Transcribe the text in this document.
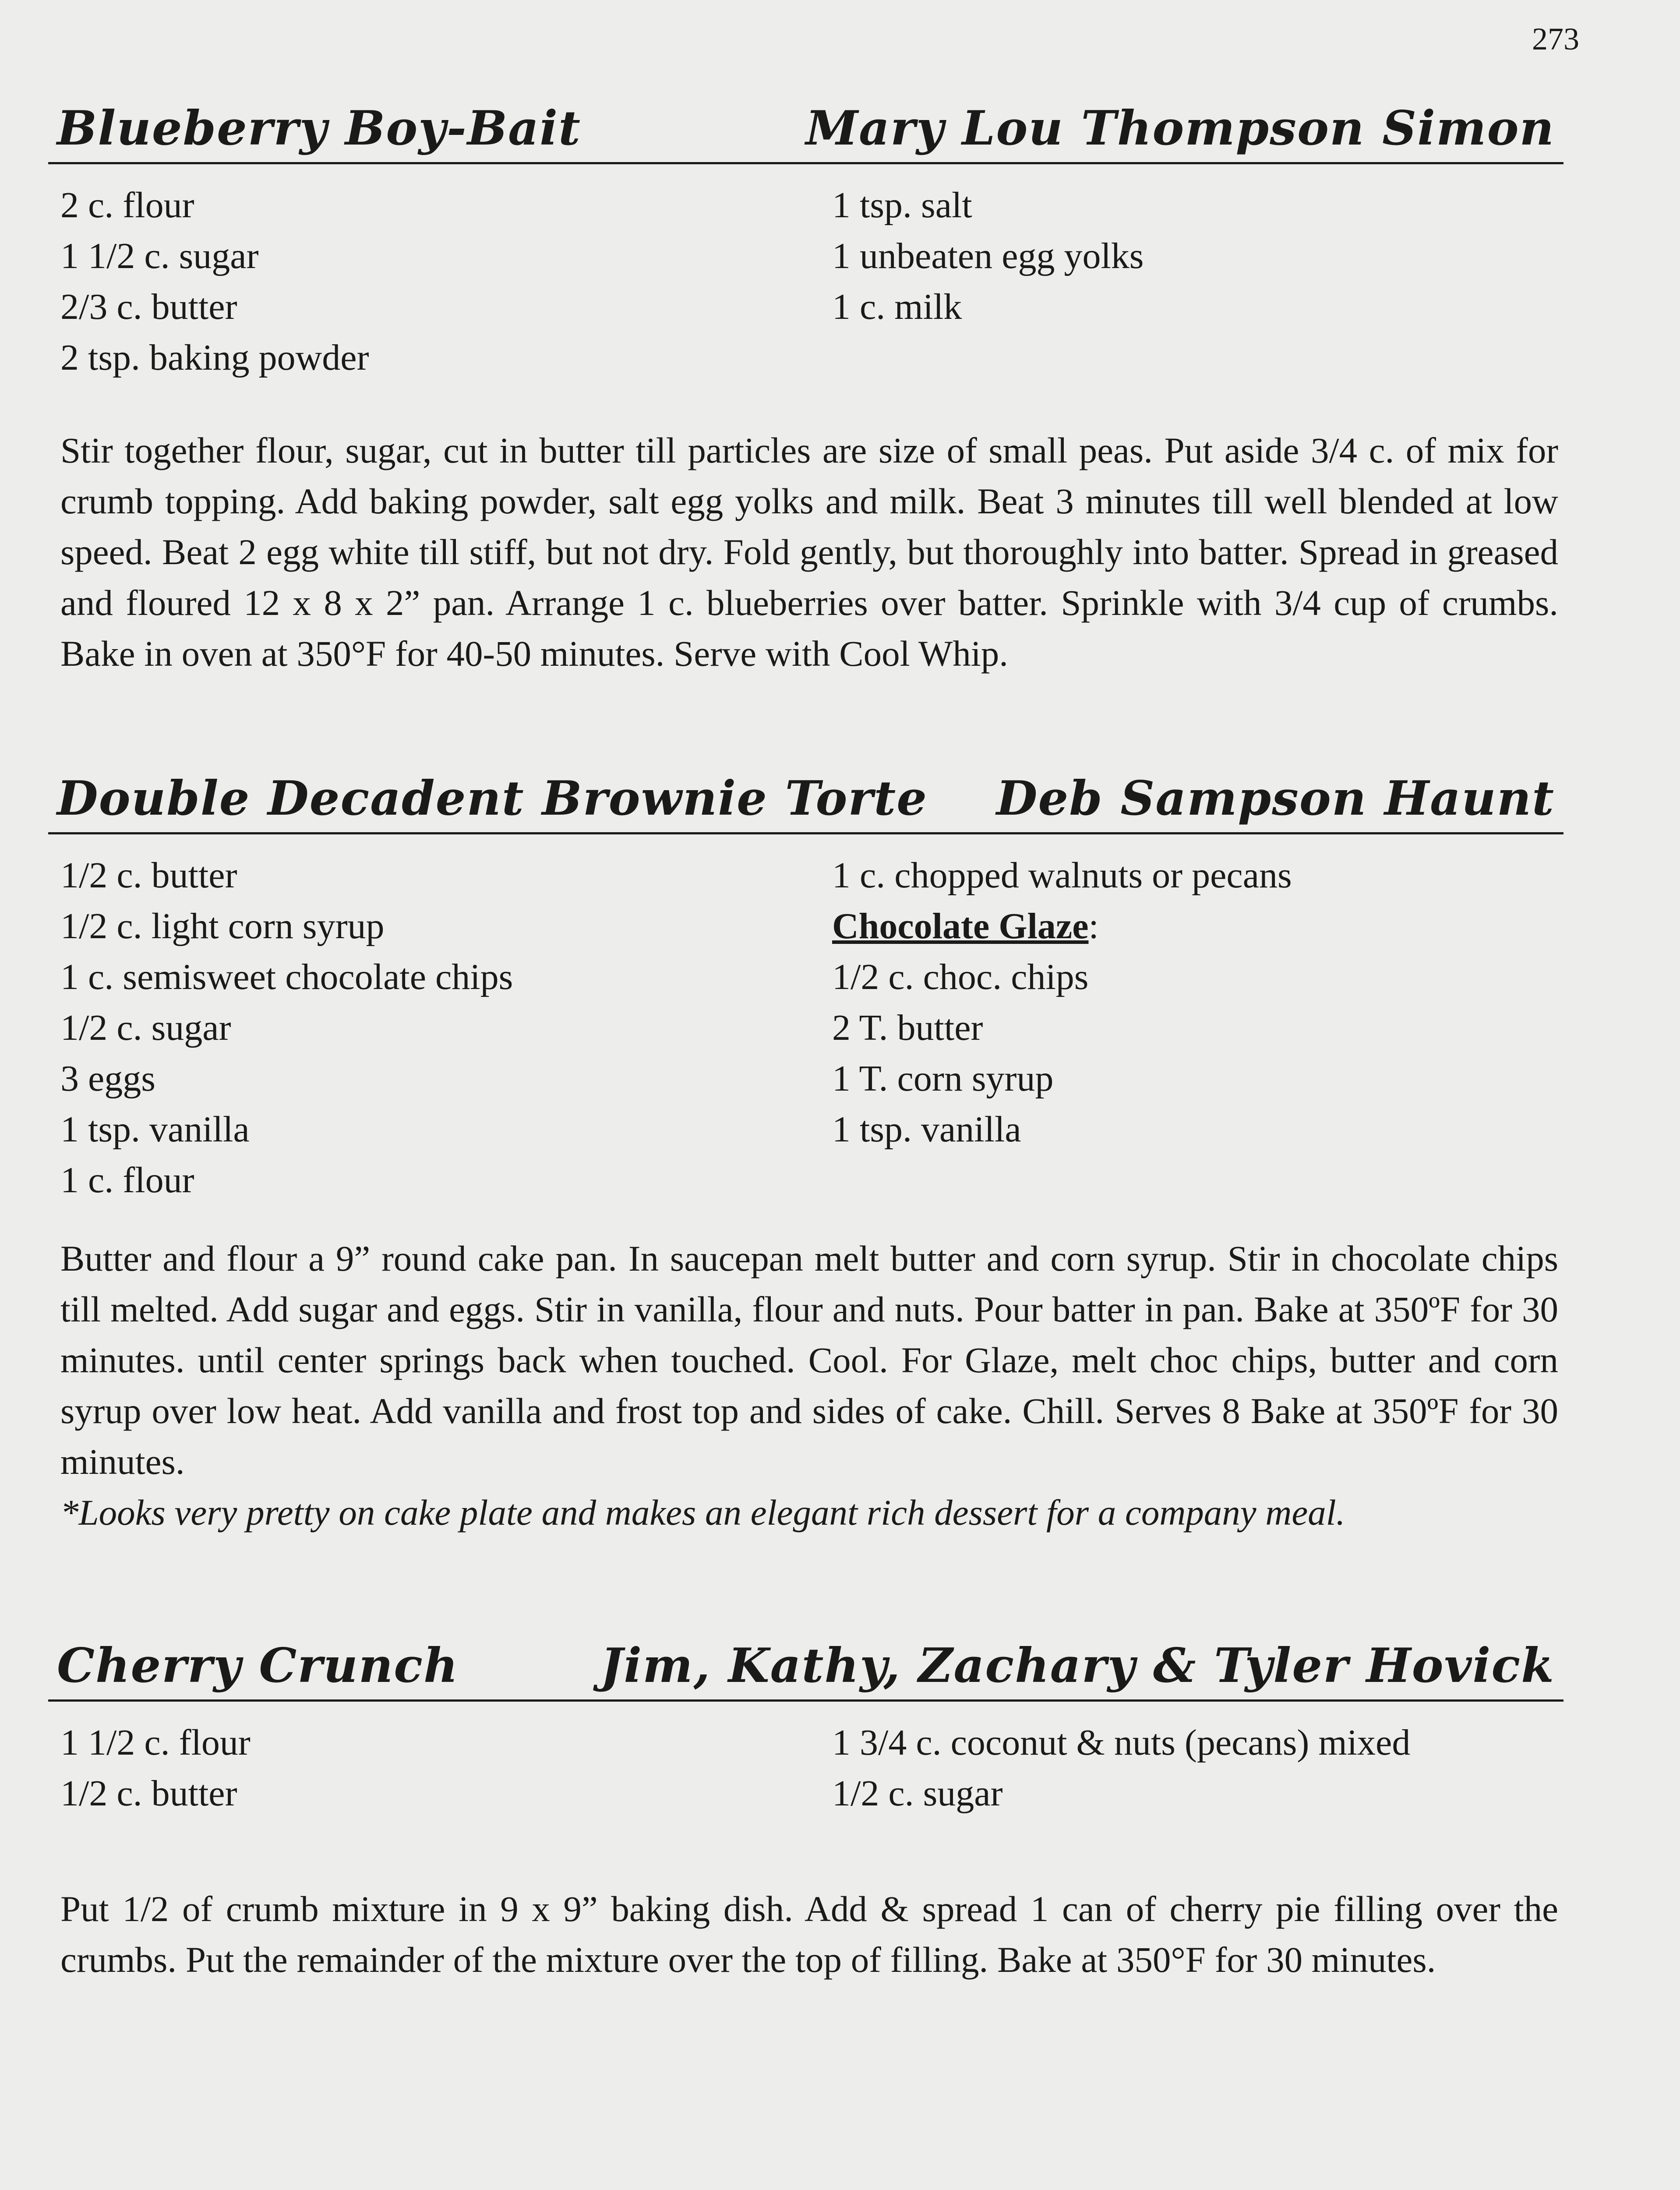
273
Blueberry Boy-Bait	Mary Lou Thompson Simon
2 c. flour
1 1/2 c. sugar
2/3 c. butter
2 tsp. baking powder
1 tsp. salt
1 unbeaten egg yolks
1 c. milk
Stir together flour, sugar, cut in butter till particles are size of small peas. Put aside 3/4 c. of mix for crumb topping. Add baking powder, salt egg yolks and milk. Beat 3 minutes till well blended at low speed. Beat 2 egg white till stiff, but not dry. Fold gently, but thoroughly into batter. Spread in greased and floured 12 x 8 x 2” pan. Arrange 1 c. blueberries over batter. Sprinkle with 3/4 cup of crumbs. Bake in oven at 350°F for 40-50 minutes. Serve with Cool Whip.
Double Decadent Brownie Torte Deb Sampson Haunt
1/2 c. butter
1/2 c. light corn syrup
1 c. semisweet chocolate chips
1/2 c. sugar
3 eggs
1 tsp. vanilla
1 c. flour
1 c. chopped walnuts or pecans
Chocolate Glaze:
1/2 c. choc. chips
2 T. butter
1 T. corn syrup
1 tsp. vanilla
Butter and flour a 9” round cake pan. In saucepan melt butter and corn syrup. Stir in chocolate chips till melted. Add sugar and eggs. Stir in vanilla, flour and nuts. Pour batter in pan. Bake at 350ºF for 30 minutes. until center springs back when touched. Cool. For Glaze, melt choc chips, butter and corn syrup over low heat. Add vanilla and frost top and sides of cake. Chill. Serves 8 Bake at 350ºF for 30 minutes.
*Looks very pretty on cake plate and makes an elegant rich dessert for a company meal.
Cherry Crunch	Jim, Kathy, Zachary & Tyler Hovick
1 1/2 c. flour
1/2 c. butter
1 3/4 c. coconut & nuts (pecans) mixed
1/2 c. sugar
Put 1/2 of crumb mixture in 9 x 9” baking dish. Add & spread 1 can of cherry pie filling over the crumbs. Put the remainder of the mixture over the top of filling. Bake at 350°F for 30 minutes.
